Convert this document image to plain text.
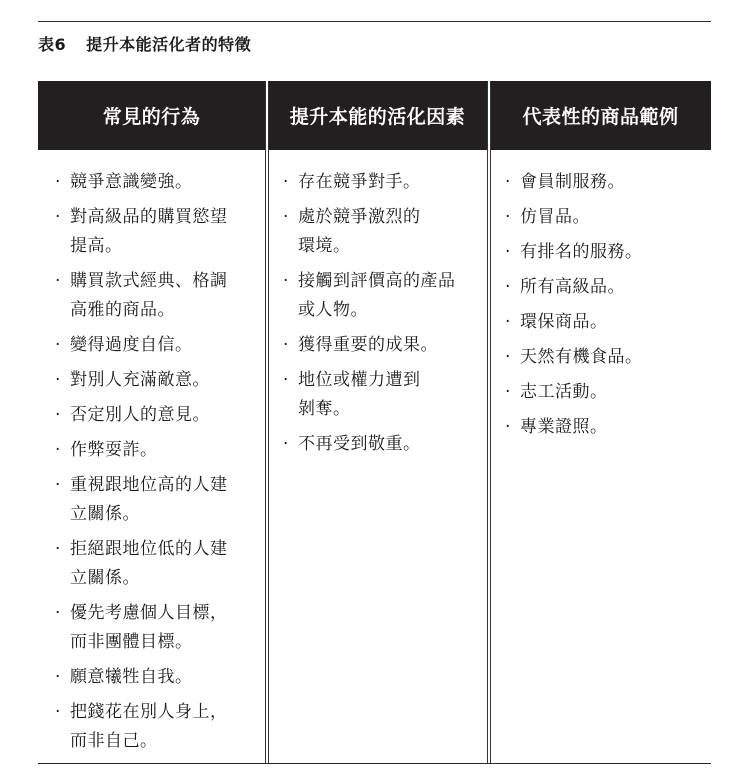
表6 提升本能活化者的特徵
常見的行為	提升本能的活化因素	代表性的商品範例
· 競爭意識變強。
· 對高級品的購買慾望
提高。
· 購買款式經典、格調
高雅的商品。
· 變得過度自信。
· 對別人充滿敵意。
· 否定別人的意見。
· 作弊耍詐。
· 重視跟地位高的人建
立關係。
· 拒絕跟地位低的人建
立關係。
· 優先考慮個人目標，
而非團體目標。
· 願意犧牲自我。
· 把錢花在別人身上，
而非自己。
· 存在競爭對手。
· 處於競爭激烈的
環境。
· 接觸到評價高的產品
或人物。
· 獲得重要的成果。
· 地位或權力遭到
剝奪。
· 不再受到敬重。
· 會員制服務。
· 仿冒品。
· 有排名的服務。
· 所有高級品。
· 環保商品。
· 天然有機食品。
· 志工活動。
· 專業證照。
